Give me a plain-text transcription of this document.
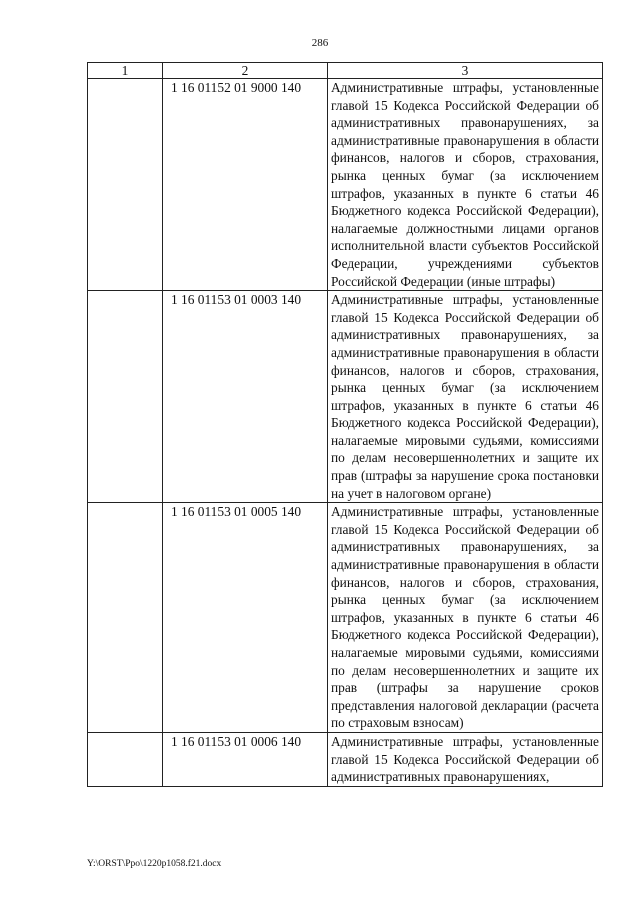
286
1	2	3
	1 16 01152 01 9000 140	Административные штрафы, установленные главой 15 Кодекса Российской Федерации об административных правонарушениях, за административные правонарушения в области финансов, налогов и сборов, страхования, рынка ценных бумаг (за исключением штрафов, указанных в пункте 6 статьи 46 Бюджетного кодекса Российской Федерации), налагаемые должностными лицами органов исполнительной власти субъектов Российской Федерации, учреждениями субъектов Российской Федерации (иные штрафы)
	1 16 01153 01 0003 140	Административные штрафы, установленные главой 15 Кодекса Российской Федерации об административных правонарушениях, за административные правонарушения в области финансов, налогов и сборов, страхования, рынка ценных бумаг (за исключением штрафов, указанных в пункте 6 статьи 46 Бюджетного кодекса Российской Федерации), налагаемые мировыми судьями, комиссиями по делам несовершеннолетних и защите их прав (штрафы за нарушение срока постановки на учет в налоговом органе)
	1 16 01153 01 0005 140	Административные штрафы, установленные главой 15 Кодекса Российской Федерации об административных правонарушениях, за административные правонарушения в области финансов, налогов и сборов, страхования, рынка ценных бумаг (за исключением штрафов, указанных в пункте 6 статьи 46 Бюджетного кодекса Российской Федерации), налагаемые мировыми судьями, комиссиями по делам несовершеннолетних и защите их прав (штрафы за нарушение сроков представления налоговой декларации (расчета по страховым взносам)
	1 16 01153 01 0006 140	Административные штрафы, установленные главой 15 Кодекса Российской Федерации об административных правонарушениях,
Y:\ORST\Ppo\1220p1058.f21.docx
